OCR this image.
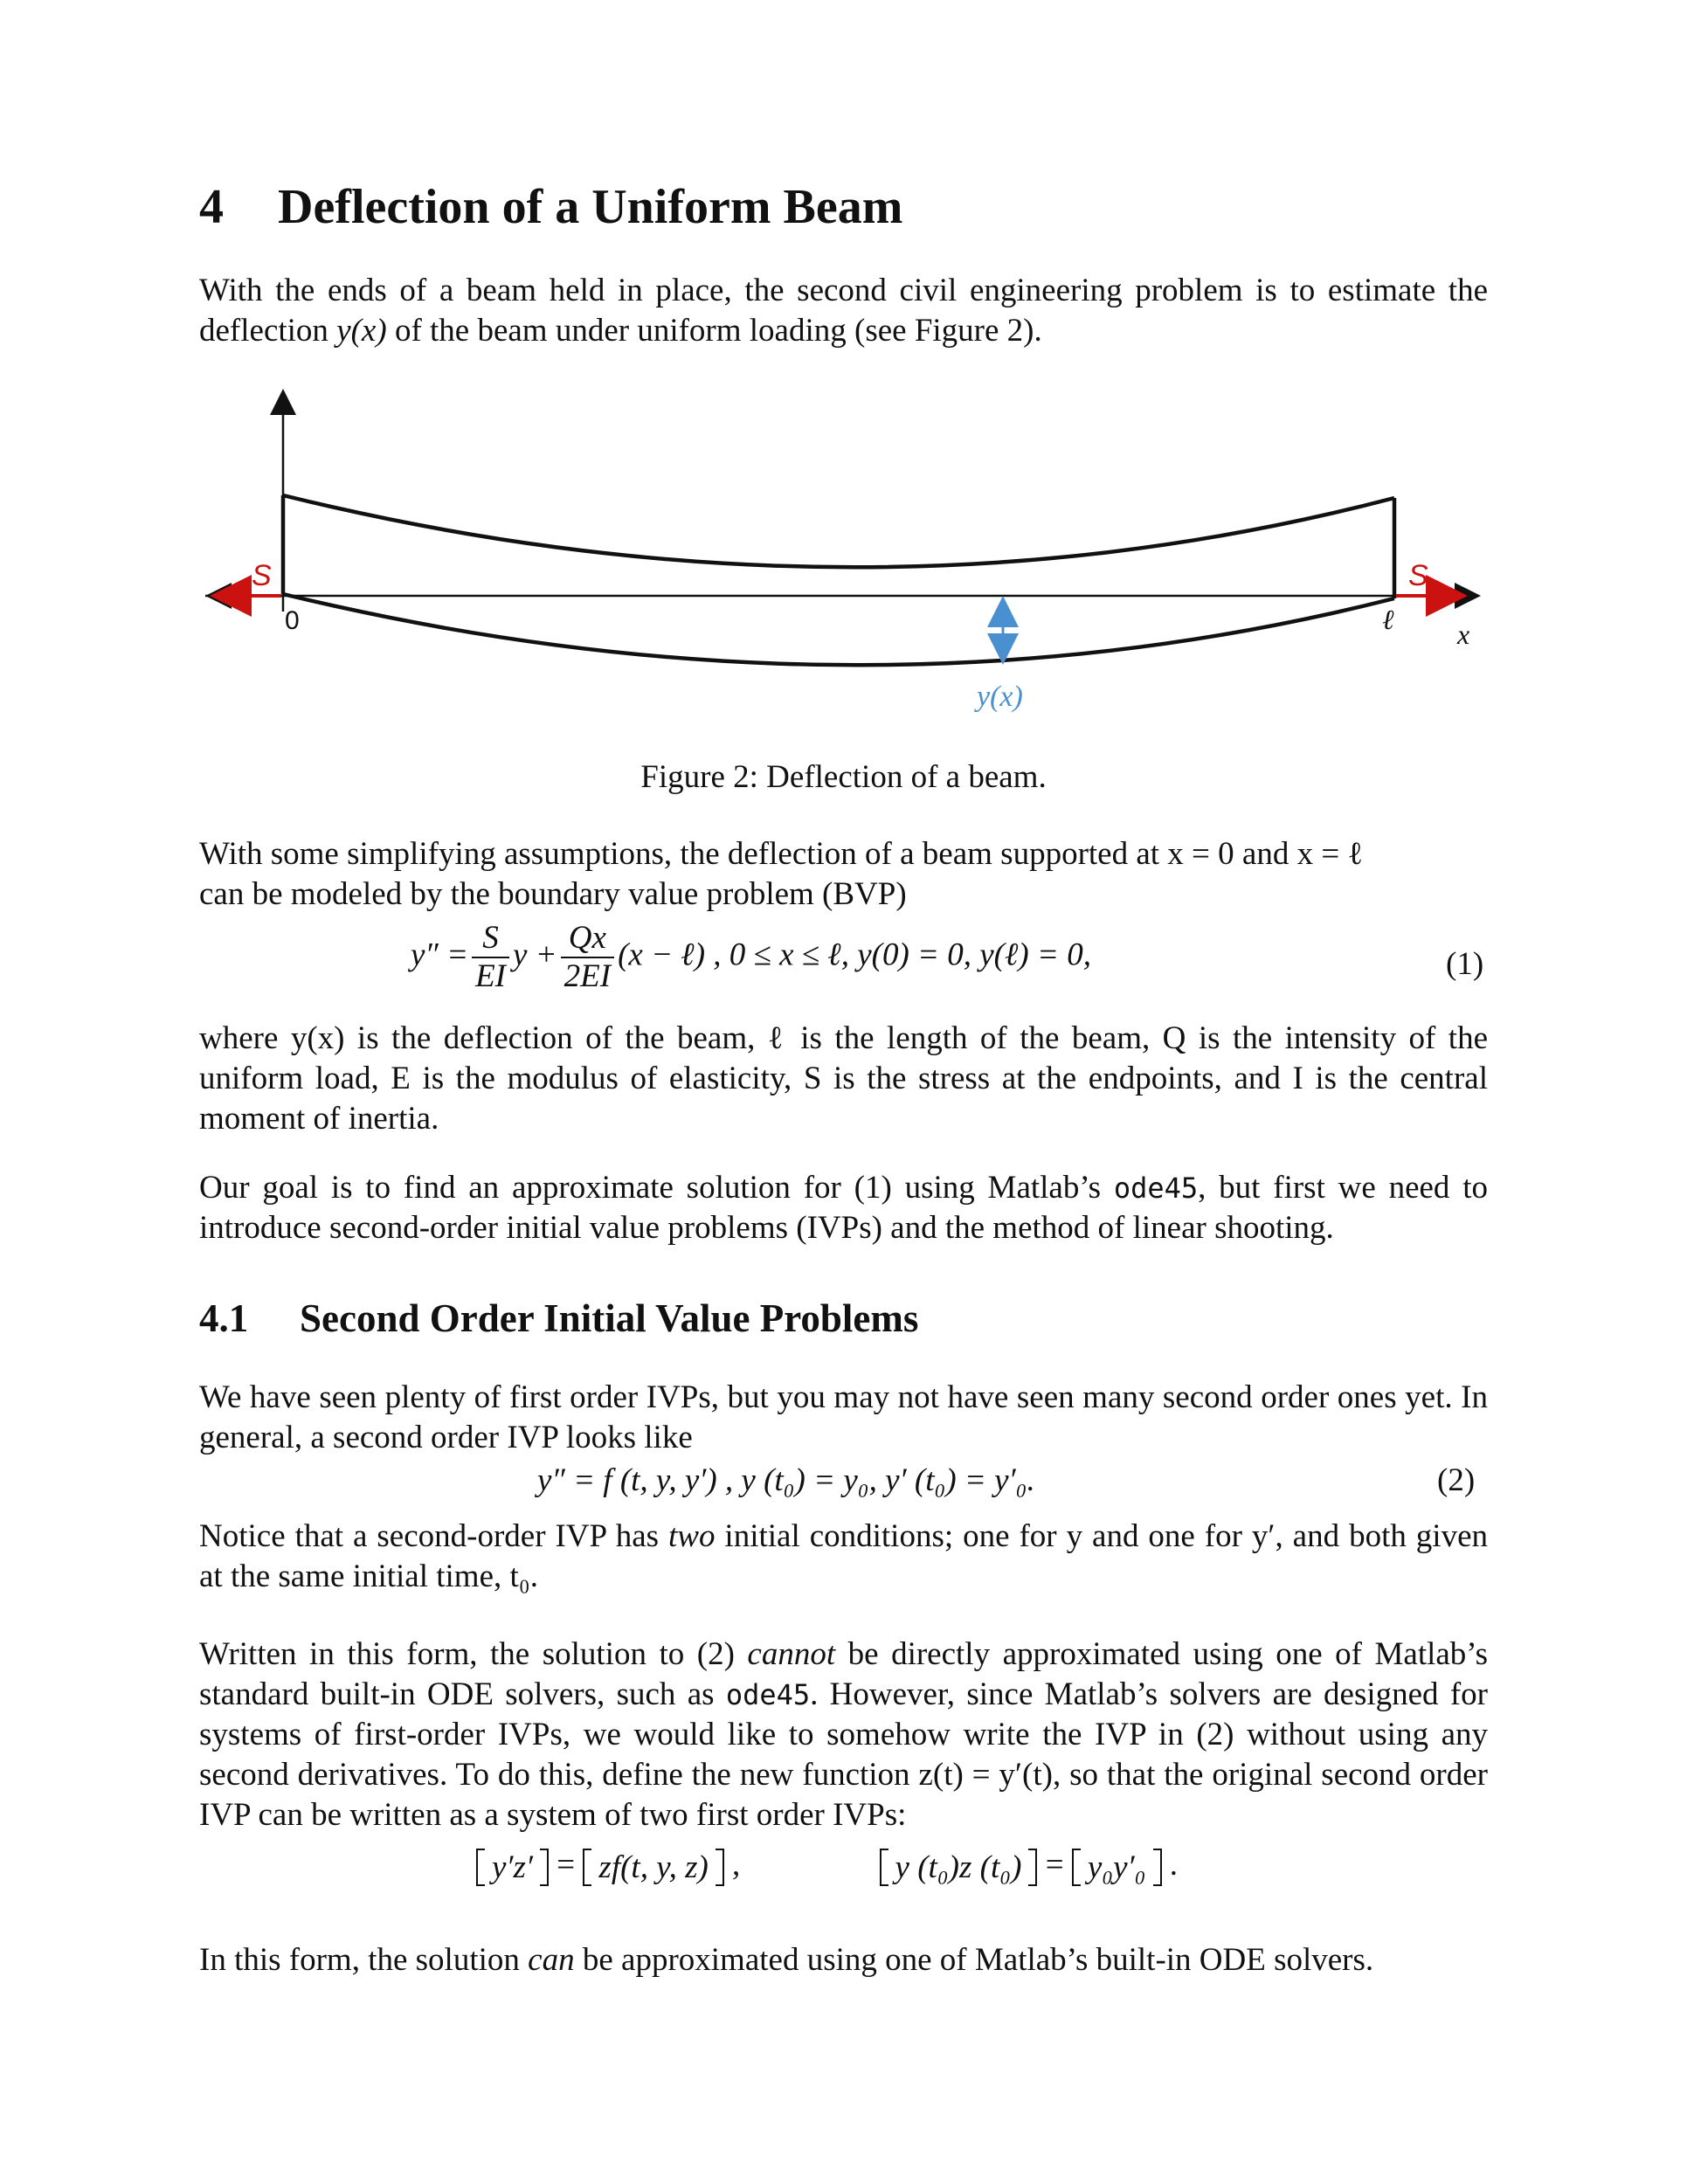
4 Deflection of a Uniform Beam
With the ends of a beam held in place, the second civil engineering problem is to estimate the deflection y(x) of the beam under uniform loading (see Figure 2).
S	S
0	ℓ x
y(x)
Figure 2: Deflection of a beam.
With some simplifying assumptions, the deflection of a beam supported at x = 0 and x = ℓ
can be modeled by the boundary value problem (BVP)
$y'' = \frac{S}{EI}$ $y + \frac{Qx}{2EI} (x$ − ℓ) , 0 ≤ x ≤ ℓ, y(0) = 0, y(ℓ) = 0,	(1)
where y(x) is the deflection of the beam, ℓ is the length of the beam, Q is the intensity of the uniform load, E is the modulus of elasticity, S is the stress at the endpoints, and I is the central moment of inertia.
Our goal is to find an approximate solution for (1) using Matlab’s ode45, but first we need to introduce second-order initial value problems (IVPs) and the method of linear shooting.
4.1 Second Order Initial Value Problems
We have seen plenty of first order IVPs, but you may not have seen many second order ones yet. In general, a second order IVP looks like
y″ = f (t, y, y′) , y (t₀) = y₀, y′ (t₀) = y′₀.	(2)
Notice that a second-order IVP has two initial conditions; one for y and one for y′, and both given at the same initial time, t₀.
Written in this form, the solution to (2) cannot be directly approximated using one of Matlab’s standard built-in ODE solvers, such as ode45. However, since Matlab’s solvers are designed for systems of first-order IVPs, we would like to somehow write the IVP in (2) without using any second derivatives. To do this, define the new function z(t) = y′(t), so that the original second order IVP can be written as a system of two first order IVPs:
y′z′ = zf(t, y, z) ,	y (t₀)z (t₀) = y₀y′₀ .
In this form, the solution can be approximated using one of Matlab’s built-in ODE solvers.
